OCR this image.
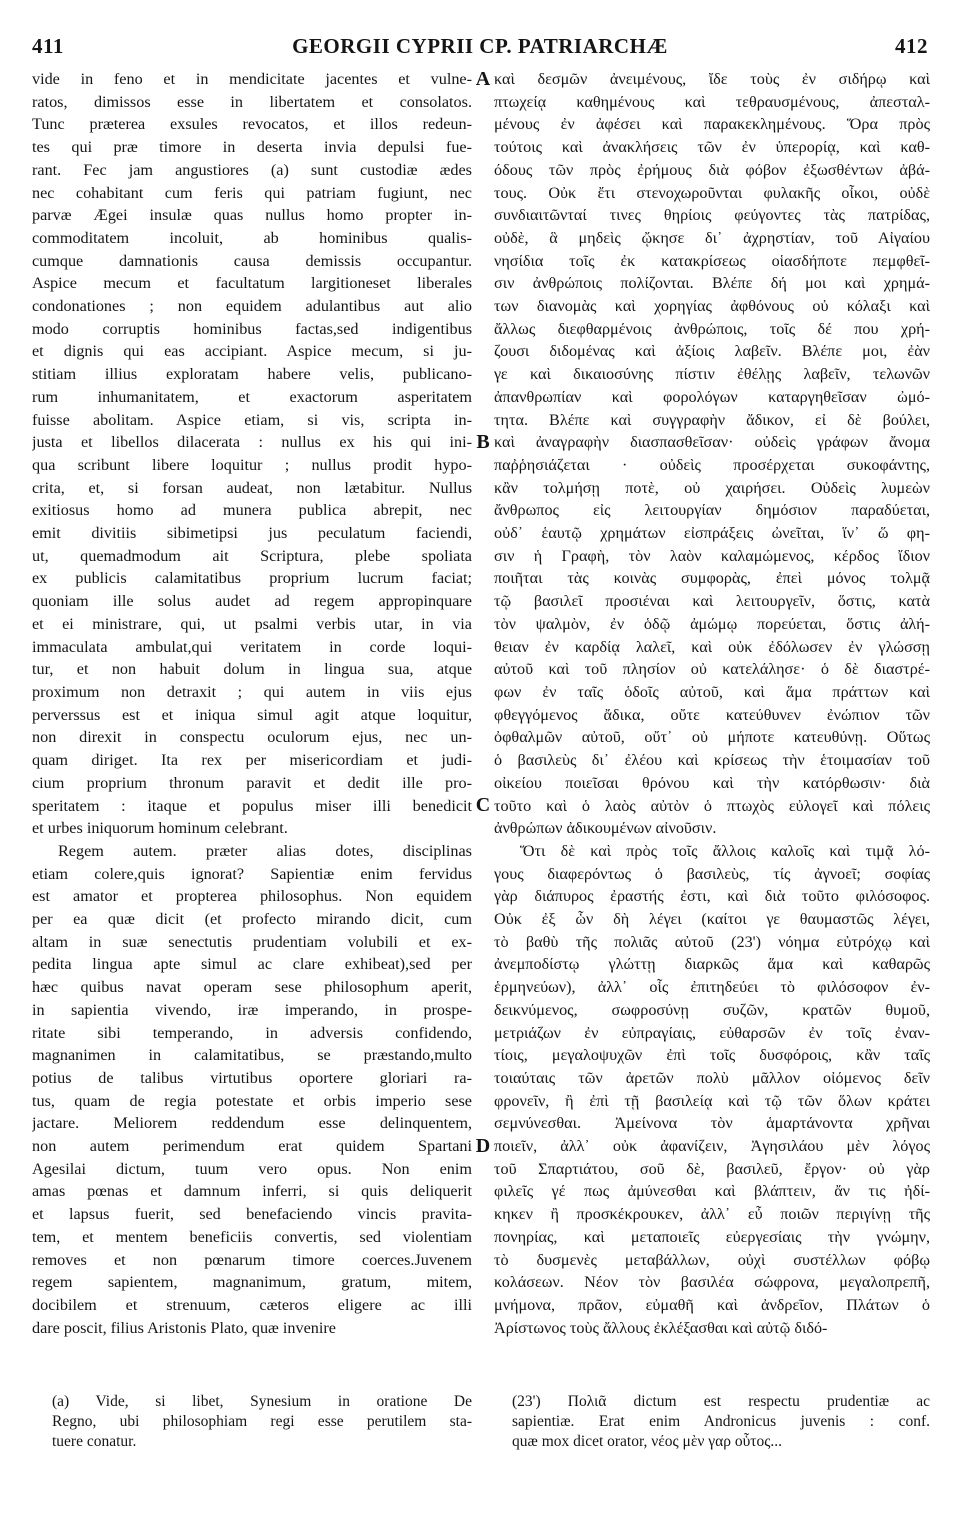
411	GEORGII CYPRII CP. PATRIARCHÆ	412
vide in feno et in mendicitate jacentes et vulne-
ratos, dimissos esse in libertatem et consolatos.
Tunc præterea exsules revocatos, et illos redeun-
tes qui præ timore in deserta invia depulsi fue-
rant. Fec jam angustiores (a) sunt custodiæ ædes
nec cohabitant cum feris qui patriam fugiunt, nec
parvæ Ægei insulæ quas nullus homo propter in-
commoditatem incoluit, ab hominibus qualis-
cumque damnationis causa demissis occupantur.
Aspice mecum et facultatum largitioneset liberales
condonationes ; non equidem adulantibus aut alio
modo corruptis hominibus factas,sed indigentibus
et dignis qui eas accipiant. Aspice mecum, si ju-
stitiam illius exploratam habere velis, publicano-
rum inhumanitatem, et exactorum asperitatem
fuisse abolitam. Aspice etiam, si vis, scripta in-
justa et libellos dilacerata : nullus ex his qui ini-
qua scribunt libere loquitur ; nullus prodit hypo-
crita, et, si forsan audeat, non lætabitur. Nullus
exitiosus homo ad munera publica abrepit, nec
emit divitiis sibimetipsi jus peculatum faciendi,
ut, quemadmodum ait Scriptura, plebe spoliata
ex publicis calamitatibus proprium lucrum faciat;
quoniam ille solus audet ad regem appropinquare
et ei ministrare, qui, ut psalmi verbis utar, in via
immaculata ambulat,qui veritatem in corde loqui-
tur, et non habuit dolum in lingua sua, atque
proximum non detraxit ; qui autem in viis ejus
perverssus est et iniqua simul agit atque loquitur,
non direxit in conspectu oculorum ejus, nec un-
quam diriget. Ita rex per misericordiam et judi-
cium proprium thronum paravit et dedit ille pro-
speritatem : itaque et populus miser illi benedicit
et urbes iniquorum hominum celebrant.
Regem autem. præter alias dotes, disciplinas
etiam colere,quis ignorat? Sapientiæ enim fervidus
est amator et propterea philosophus. Non equidem
per ea quæ dicit (et profecto mirando dicit, cum
altam in suæ senectutis prudentiam volubili et ex-
pedita lingua apte simul ac clare exhibeat),sed per
hæc quibus navat operam sese philosophum aperit,
in sapientia vivendo, iræ imperando, in prospe-
ritate sibi temperando, in adversis confidendo,
magnanimen in calamitatibus, se præstando,multo
potius de talibus virtutibus oportere gloriari ra-
tus, quam de regia potestate et orbis imperio sese
jactare. Meliorem reddendum esse delinquentem,
non autem perimendum erat quidem Spartani
Agesilai dictum, tuum vero opus. Non enim
amas pœnas et damnum inferri, si quis deliquerit
et lapsus fuerit, sed benefaciendo vincis pravita-
tem, et mentem beneficiis convertis, sed violentiam
removes et non pœnarum timore coerces.Juvenem
regem sapientem, magnanimum, gratum, mitem,
docibilem et strenuum, cæteros eligere ac illi
dare poscit, filius Aristonis Plato, quæ invenire
καὶ δεσμῶν ἀνειμένους, ἴδε τοὺς ἐν σιδήρῳ καὶ
πτωχείᾳ καθημένους καὶ τεθραυσμένους, ἀπεσταλ-
μένους ἐν ἀφέσει καὶ παρακεκλημένους. Ὅρα πρὸς
τούτοις καὶ ἀνακλήσεις τῶν ἐν ὑπερορίᾳ, καὶ καθ-
όδους τῶν πρὸς ἐρήμους διὰ φόβον ἐξωσθέντων ἀβά-
τους. Οὐκ ἔτι στενοχωροῦνται φυλακῆς οἶκοι, οὐδὲ
συνδιαιτῶνταί τινες θηρίοις φεύγοντες τὰς πατρίδας,
οὐδὲ, ἃ μηδεὶς ᾤκησε δι᾽ ἀχρηστίαν, τοῦ Αἰγαίου
νησίδια τοῖς ἐκ κατακρίσεως οἱασδήποτε πεμφθεῖ-
σιν ἀνθρώποις πολίζονται. Βλέπε δή μοι καὶ χρημά-
των διανομὰς καὶ χορηγίας ἀφθόνους οὐ κόλαξι καὶ
ἄλλως διεφθαρμένοις ἀνθρώποις, τοῖς δέ που χρή-
ζουσι διδομένας καὶ ἀξίοις λαβεῖν. Βλέπε μοι, ἐὰν
γε καὶ δικαιοσύνης πίστιν ἐθέλῃς λαβεῖν, τελωνῶν
ἀπανθρωπίαν καὶ φορολόγων καταργηθεῖσαν ὠμό-
τητα. Βλέπε καὶ συγγραφὴν ἄδικον, εἰ δὲ βούλει,
καὶ ἀναγραφὴν διασπασθεῖσαν· οὐδεὶς γράφων ἄνομα
παῤῥησιάζεται · οὐδεὶς προσέρχεται συκοφάντης,
κἂν τολμήσῃ ποτὲ, οὐ χαιρήσει. Οὐδεὶς λυμεὼν
ἄνθρωπος εἰς λειτουργίαν δημόσιον παραδύεται,
οὐδ᾽ ἑαυτῷ χρημάτων εἰσπράξεις ὠνεῖται, ἵν᾽ ὥ φη-
σιν ἡ Γραφὴ, τὸν λαὸν καλαμώμενος, κέρδος ἴδιον
ποιῆται τὰς κοινὰς συμφορὰς, ἐπεὶ μόνος τολμᾷ
τῷ βασιλεῖ προσιέναι καὶ λειτουργεῖν, ὅστις, κατὰ
τὸν ψαλμὸν, ἐν ὁδῷ ἀμώμῳ πορεύεται, ὅστις ἀλή-
θειαν ἐν καρδίᾳ λαλεῖ, καὶ οὐκ ἐδόλωσεν ἐν γλώσσῃ
αὐτοῦ καὶ τοῦ πλησίον οὐ κατελάλησε· ὁ δὲ διαστρέ-
φων ἐν ταῖς ὁδοῖς αὐτοῦ, καὶ ἅμα πράττων καὶ
φθεγγόμενος ἄδικα, οὔτε κατεύθυνεν ἐνώπιον τῶν
ὀφθαλμῶν αὐτοῦ, οὔτ᾽ οὐ μήποτε κατευθύνῃ. Οὕτως
ὁ βασιλεὺς δι᾽ ἐλέου καὶ κρίσεως τὴν ἑτοιμασίαν τοῦ
οἰκείου ποιεῖσαι θρόνου καὶ τὴν κατόρθωσιν· διὰ
τοῦτο καὶ ὁ λαὸς αὐτὸν ὁ πτωχὸς εὐλογεῖ καὶ πόλεις
ἀνθρώπων ἀδικουμένων αἰνοῦσιν.
Ὅτι δὲ καὶ πρὸς τοῖς ἄλλοις καλοῖς καὶ τιμᾷ λό-
γους διαφερόντως ὁ βασιλεὺς, τίς ἀγνοεῖ; σοφίας
γὰρ διάπυρος ἐραστής ἐστι, καὶ διὰ τοῦτο φιλόσοφος.
Οὐκ ἐξ ὧν δὴ λέγει (καίτοι γε θαυμαστῶς λέγει,
τὸ βαθὺ τῆς πολιᾶς αὐτοῦ (23') νόημα εὐτρόχῳ καὶ
ἀνεμποδίστῳ γλώττῃ διαρκῶς ἅμα καὶ καθαρῶς
ἑρμηνεύων), ἀλλ᾽ οἷς ἐπιτηδεύει τὸ φιλόσοφον ἐν-
δεικνύμενος, σωφροσύνῃ συζῶν, κρατῶν θυμοῦ,
μετριάζων ἐν εὐπραγίαις, εὐθαρσῶν ἐν τοῖς ἐναν-
τίοις, μεγαλοψυχῶν ἐπὶ τοῖς δυσφόροις, κἂν ταῖς
τοιαύταις τῶν ἀρετῶν πολὺ μᾶλλον οἰόμενος δεῖν
φρονεῖν, ἢ ἐπὶ τῇ βασιλείᾳ καὶ τῷ τῶν ὅλων κράτει
σεμνύνεσθαι. Ἀμείνονα τὸν ἁμαρτάνοντα χρῆναι
ποιεῖν, ἀλλ᾽ οὐκ ἀφανίζειν, Ἀγησιλάου μὲν λόγος
τοῦ Σπαρτιάτου, σοῦ δὲ, βασιλεῦ, ἔργον· οὐ γὰρ
φιλεῖς γέ πως ἀμύνεσθαι καὶ βλάπτειν, ἄν τις ἠδί-
κηκεν ἢ προσκέκρουκεν, ἀλλ᾽ εὖ ποιῶν περιγίνῃ τῆς
πονηρίας, καὶ μεταποιεῖς εὐεργεσίαις τὴν γνώμην,
τὸ δυσμενὲς μεταβάλλων, οὐχὶ συστέλλων φόβῳ
κολάσεων. Νέον τὸν βασιλέα σώφρονα, μεγαλοπρεπῆ,
μνήμονα, πρᾶον, εὐμαθῆ καὶ ἀνδρεῖον, Πλάτων ὁ
Ἀρίστωνος τοὺς ἄλλους ἐκλέξασθαι καὶ αὐτῷ διδό-
A
B
C
D
(a) Vide, si libet, Synesium in oratione De
Regno, ubi philosophiam regi esse perutilem sta-
tuere conatur.
(23') Πολιᾶ dictum est respectu prudentiæ ac
sapientiæ. Erat enim Andronicus juvenis : conf.
quæ mox dicet orator, νέος μὲν γαρ οὗτος...
